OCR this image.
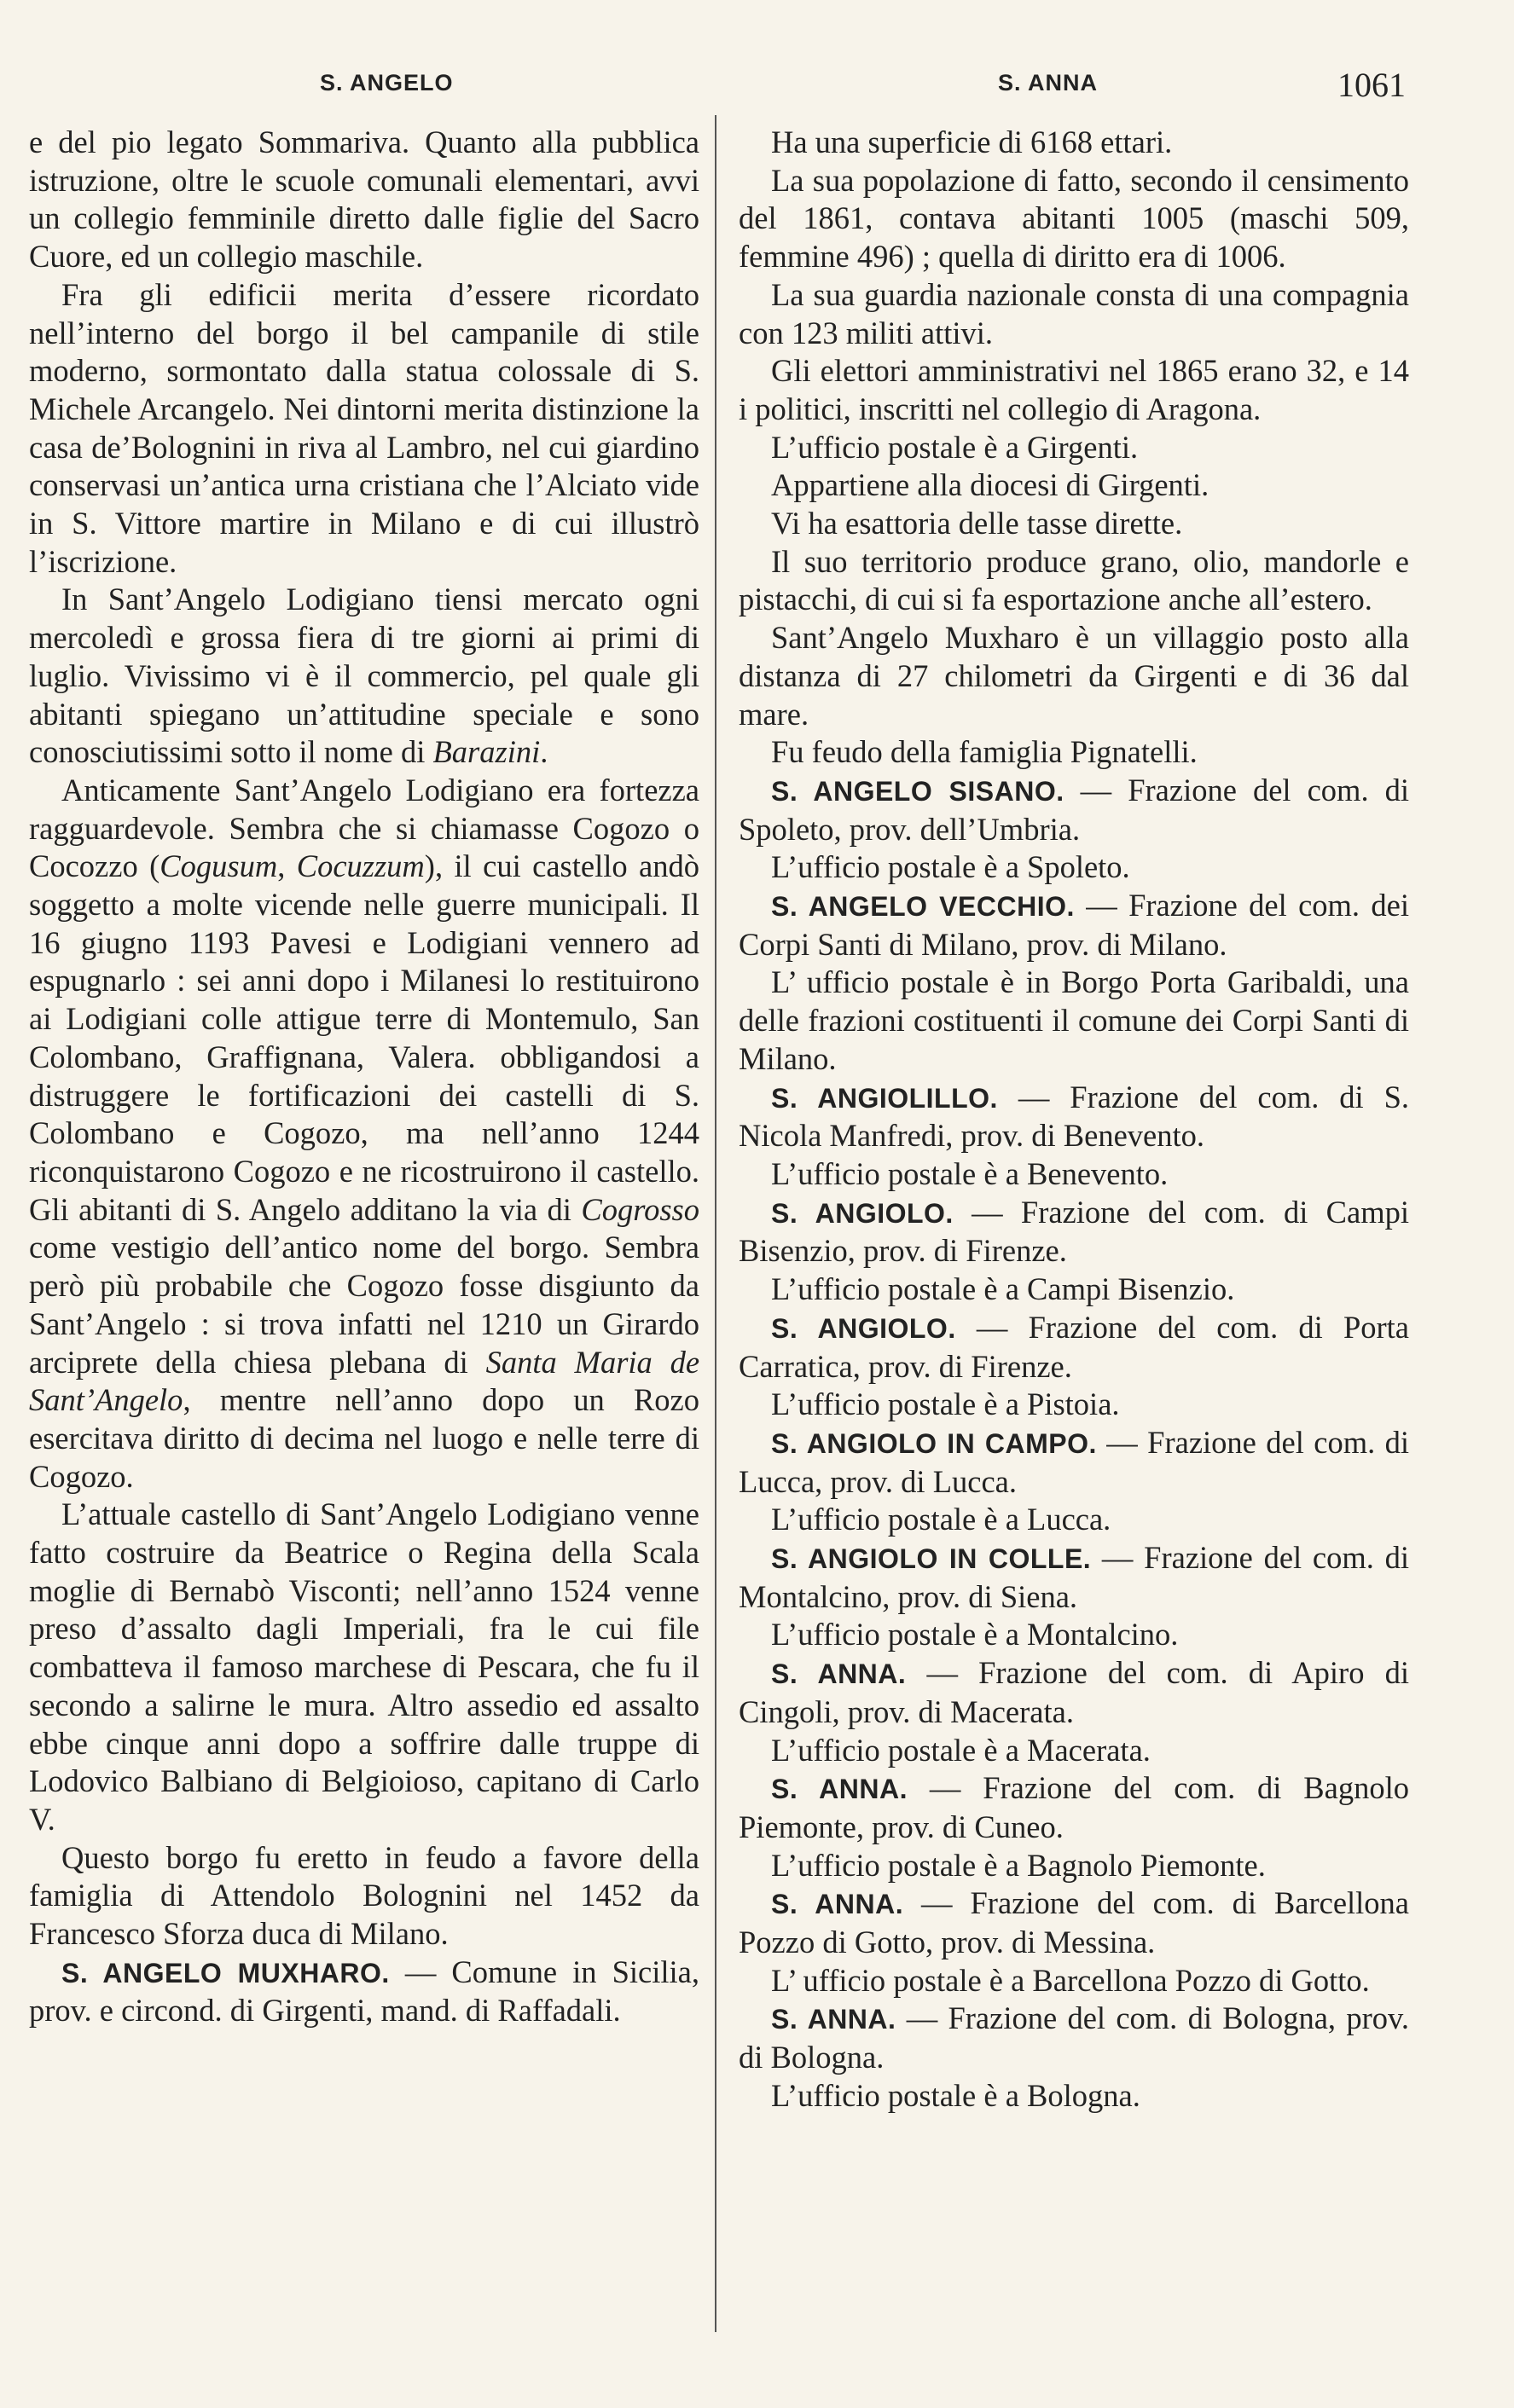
S. ANGELO	S. ANNA	1061

e del pio legato Sommariva. Quanto alla pubblica istruzione, oltre le scuole comunali elementari, avvi un collegio femminile diretto dalle figlie del Sacro Cuore, ed un collegio maschile.

Fra gli edificii merita d’essere ricordato nell’interno del borgo il bel campanile di stile moderno, sormontato dalla statua colossale di S. Michele Arcangelo. Nei dintorni merita distinzione la casa de’Bolognini in riva al Lambro, nel cui giardino conservasi un’antica urna cristiana che l’Alciato vide in S. Vittore martire in Milano e di cui illustrò l’iscrizione.

In Sant’Angelo Lodigiano tiensi mercato ogni mercoledì e grossa fiera di tre giorni ai primi di luglio. Vivissimo vi è il commercio, pel quale gli abitanti spiegano un’attitudine speciale e sono conosciutissimi sotto il nome di Barazini.

Anticamente Sant’Angelo Lodigiano era fortezza ragguardevole. Sembra che si chiamasse Cogozo o Cocozzo (Cogusum, Cocuzzum), il cui castello andò soggetto a molte vicende nelle guerre municipali. Il 16 giugno 1193 Pavesi e Lodigiani vennero ad espugnarlo : sei anni dopo i Milanesi lo restituirono ai Lodigiani colle attigue terre di Montemulo, San Colombano, Graffignana, Valera. obbligandosi a distruggere le fortificazioni dei castelli di S. Colombano e Cogozo, ma nell’anno 1244 riconquistarono Cogozo e ne ricostruirono il castello. Gli abitanti di S. Angelo additano la via di Cogrosso come vestigio dell’antico nome del borgo. Sembra però più probabile che Cogozo fosse disgiunto da Sant’Angelo : si trova infatti nel 1210 un Girardo arciprete della chiesa plebana di Santa Maria de Sant’Angelo, mentre nell’anno dopo un Rozo esercitava diritto di decima nel luogo e nelle terre di Cogozo.

L’attuale castello di Sant’Angelo Lodigiano venne fatto costruire da Beatrice o Regina della Scala moglie di Bernabò Visconti; nell’anno 1524 venne preso d’assalto dagli Imperiali, fra le cui file combatteva il famoso marchese di Pescara, che fu il secondo a salirne le mura. Altro assedio ed assalto ebbe cinque anni dopo a soffrire dalle truppe di Lodovico Balbiano di Belgioioso, capitano di Carlo V.

Questo borgo fu eretto in feudo a favore della famiglia di Attendolo Bolognini nel 1452 da Francesco Sforza duca di Milano.

S. ANGELO MUXHARO. — Comune in Sicilia, prov. e circond. di Girgenti, mand. di Raffadali.

Ha una superficie di 6168 ettari.

La sua popolazione di fatto, secondo il censimento del 1861, contava abitanti 1005 (maschi 509, femmine 496) ; quella di diritto era di 1006.

La sua guardia nazionale consta di una compagnia con 123 militi attivi.

Gli elettori amministrativi nel 1865 erano 32, e 14 i politici, inscritti nel collegio di Aragona.

L’ufficio postale è a Girgenti.

Appartiene alla diocesi di Girgenti.

Vi ha esattoria delle tasse dirette.

Il suo territorio produce grano, olio, mandorle e pistacchi, di cui si fa esportazione anche all’estero.

Sant’Angelo Muxharo è un villaggio posto alla distanza di 27 chilometri da Girgenti e di 36 dal mare.

Fu feudo della famiglia Pignatelli.

S. ANGELO SISANO. — Frazione del com. di Spoleto, prov. dell’Umbria.

L’ufficio postale è a Spoleto.

S. ANGELO VECCHIO. — Frazione del com. dei Corpi Santi di Milano, prov. di Milano.

L’ ufficio postale è in Borgo Porta Garibaldi, una delle frazioni costituenti il comune dei Corpi Santi di Milano.

S. ANGIOLILLO. — Frazione del com. di S. Nicola Manfredi, prov. di Benevento.

L’ufficio postale è a Benevento.

S. ANGIOLO. — Frazione del com. di Campi Bisenzio, prov. di Firenze.

L’ufficio postale è a Campi Bisenzio.

S. ANGIOLO. — Frazione del com. di Porta Carratica, prov. di Firenze.

L’ufficio postale è a Pistoia.

S. ANGIOLO IN CAMPO. — Frazione del com. di Lucca, prov. di Lucca.

L’ufficio postale è a Lucca.

S. ANGIOLO IN COLLE. — Frazione del com. di Montalcino, prov. di Siena.

L’ufficio postale è a Montalcino.

S. ANNA. — Frazione del com. di Apiro di Cingoli, prov. di Macerata.

L’ufficio postale è a Macerata.

S. ANNA. — Frazione del com. di Bagnolo Piemonte, prov. di Cuneo.

L’ufficio postale è a Bagnolo Piemonte.

S. ANNA. — Frazione del com. di Barcellona Pozzo di Gotto, prov. di Messina.

L’ ufficio postale è a Barcellona Pozzo di Gotto.

S. ANNA. — Frazione del com. di Bologna, prov. di Bologna.

L’ufficio postale è a Bologna.
